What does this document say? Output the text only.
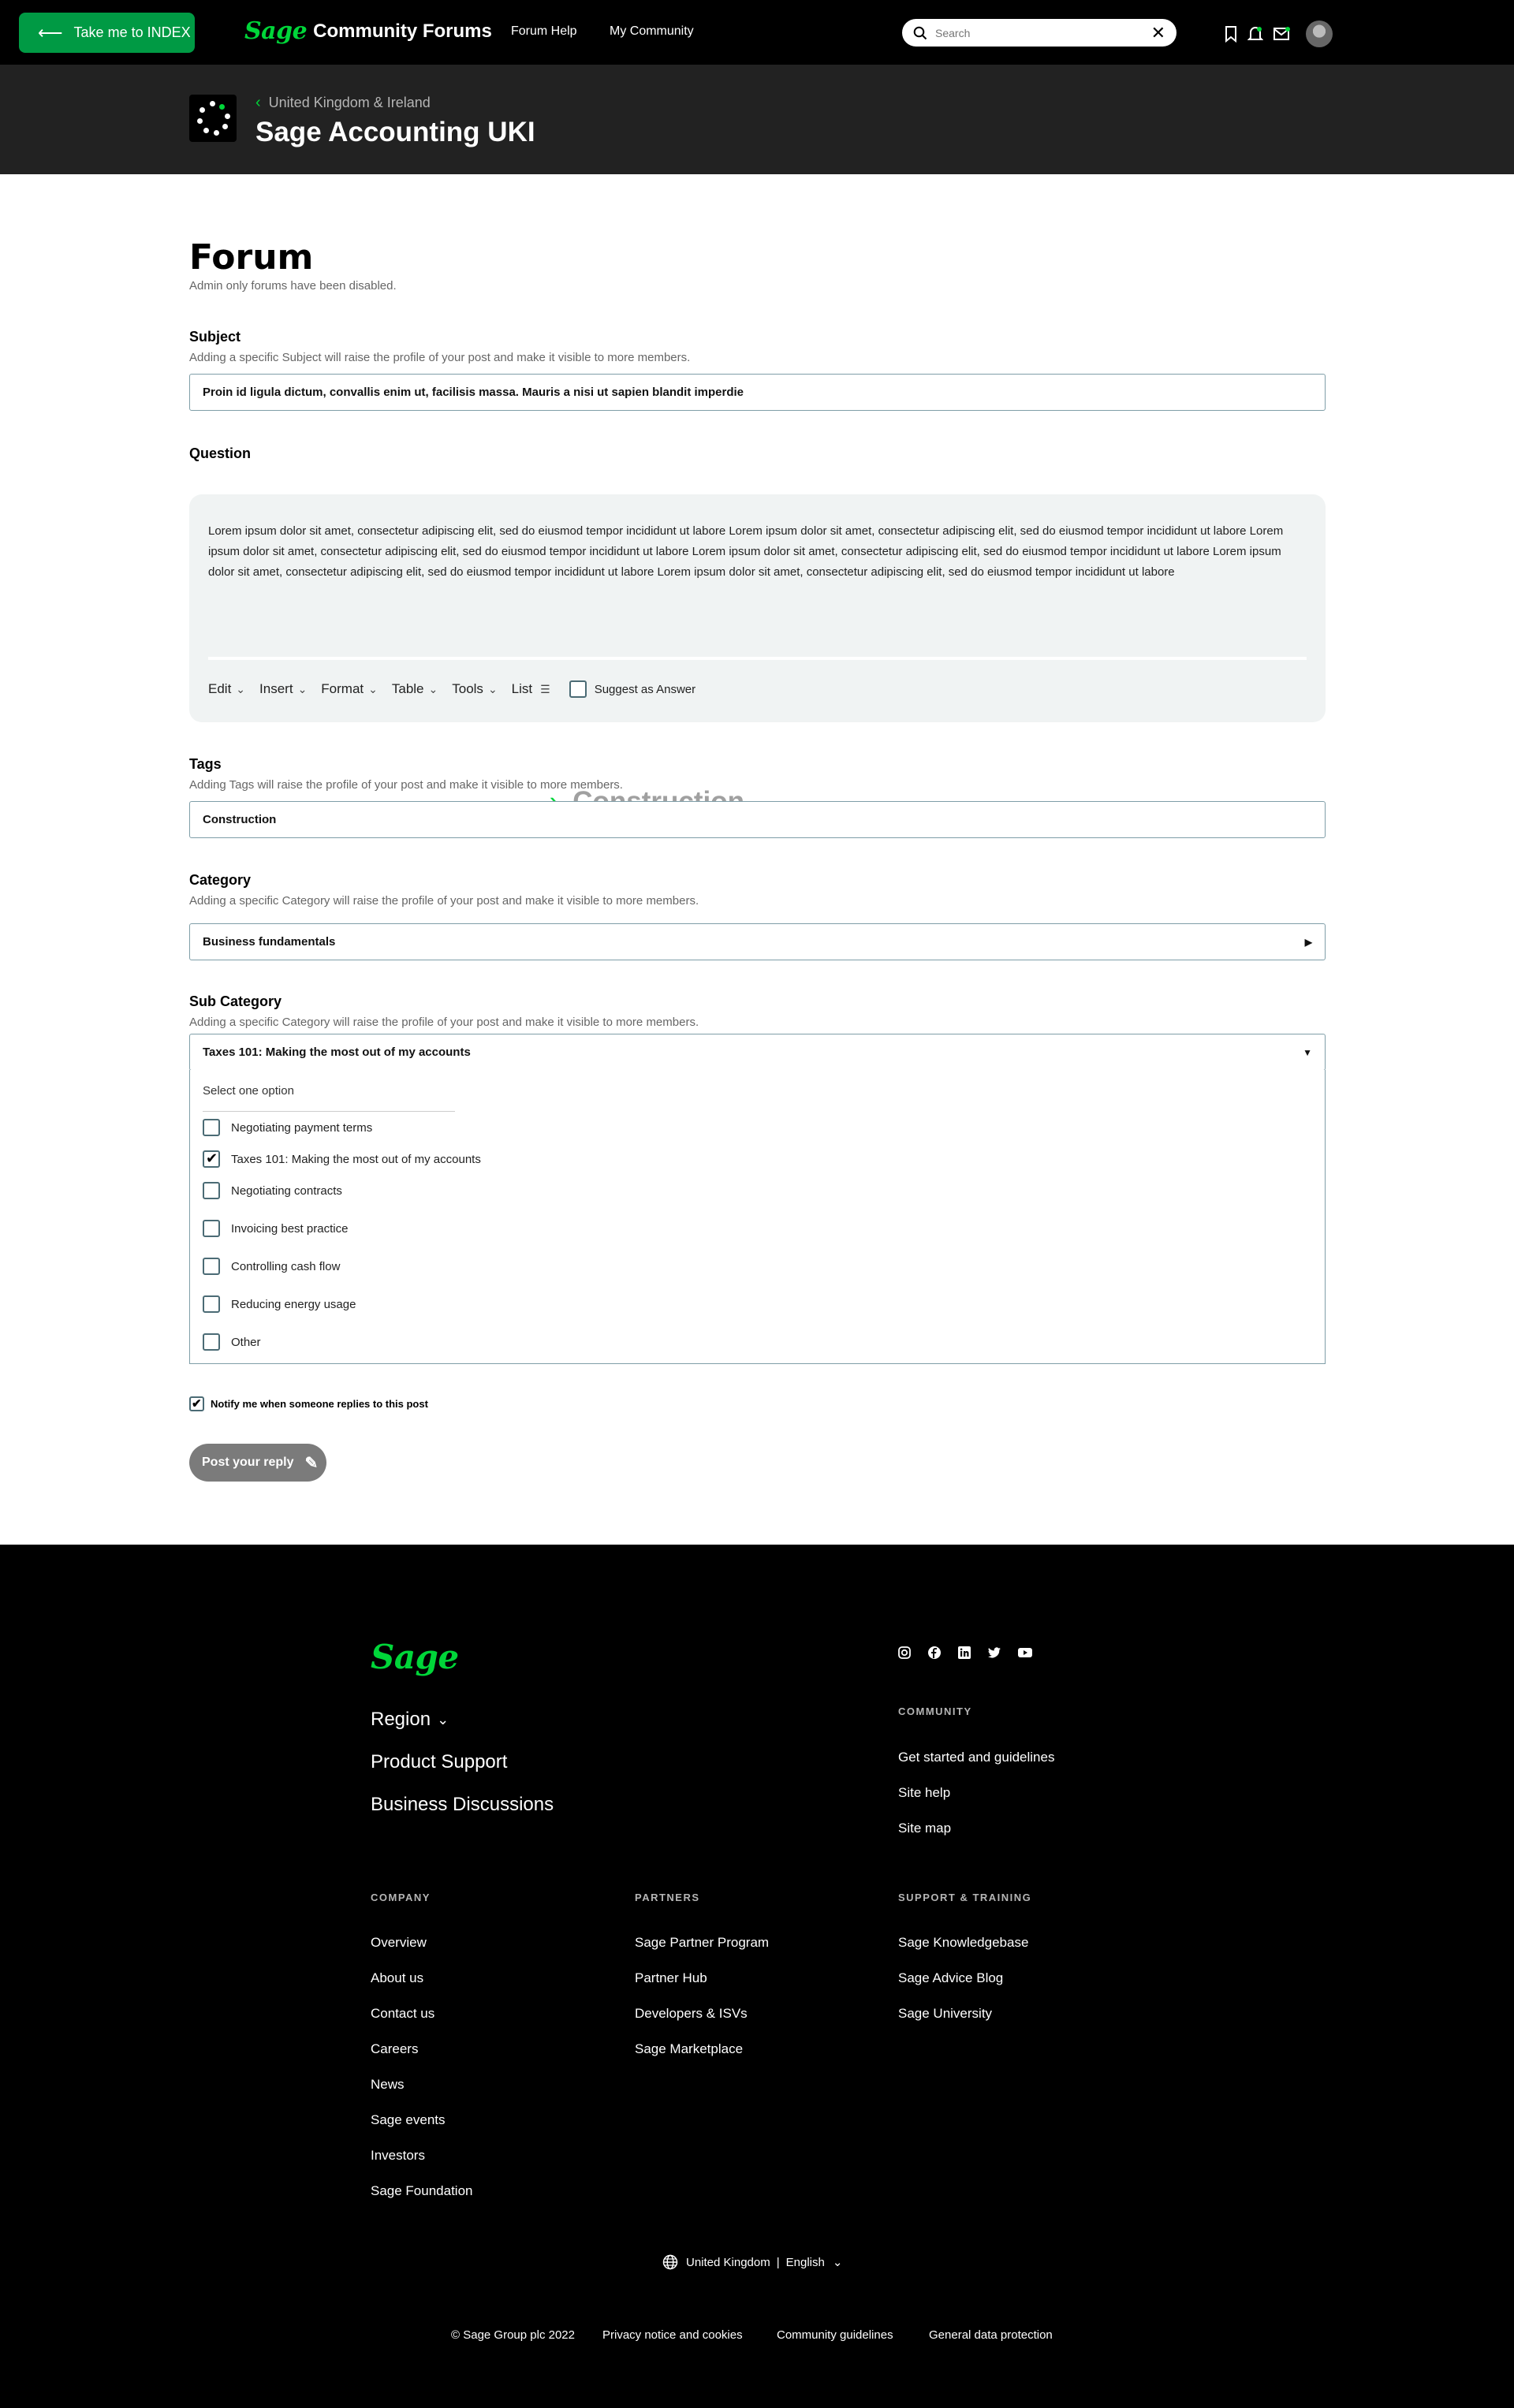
⟵ Take me to INDEX Sage Community Forums Forum Help	My Community
Search	✕
‹ United Kingdom & Ireland
Sage Accounting UKI
Forum
Admin only forums have been disabled.
Subject
Adding a specific Subject will raise the profile of your post and make it visible to more members.
Proin id ligula dictum, convallis enim ut, facilisis massa. Mauris a nisi ut sapien blandit imperdie
Question
Lorem ipsum dolor sit amet, consectetur adipiscing elit, sed do eiusmod tempor incididunt ut labore Lorem ipsum dolor sit amet, consectetur adipiscing elit, sed do eiusmod tempor incididunt ut labore Lorem ipsum dolor sit amet, consectetur adipiscing elit, sed do eiusmod tempor incididunt ut labore Lorem ipsum dolor sit amet, consectetur adipiscing elit, sed do eiusmod tempor incididunt ut labore Lorem ipsum dolor sit amet, consectetur adipiscing elit, sed do eiusmod tempor incididunt ut labore Lorem ipsum dolor sit amet, consectetur adipiscing elit, sed do eiusmod tempor incididunt ut labore
Edit ⌄ Insert ⌄ Format ⌄ Table ⌄ Tools ⌄ List ☰	Suggest as Answer
Tags
Adding Tags will raise the profile of your post and make it visible to more members.
Construction
Category
Adding a specific Category will raise the profile of your post and make it visible to more members.
Business fundamentals	▶
Sub Category
Adding a specific Category will raise the profile of your post and make it visible to more members.
Taxes 101: Making the most out of my accounts	▼
Select one option
Negotiating payment terms
✔
Taxes 101: Making the most out of my accounts
Negotiating contracts
Invoicing best practice
Controlling cash flow
Reducing energy usage
Other
✔
Notify me when someone replies to this post
Post your reply ✎
Sage
Region ⌄
Product Support
Business Discussions
COMMUNITY
Get started and guidelines
Site help
Site map
COMPANY
Overview
About us
Contact us
Careers
News
Sage events
Investors
Sage Foundation
PARTNERS
Sage Partner Program
Partner Hub
Developers & ISVs
Sage Marketplace
SUPPORT & TRAINING
Sage Knowledgebase
Sage Advice Blog
Sage University
United Kingdom | English ⌄
© Sage Group plc 2022 Privacy notice and cookies	Community guidelines	General data protection
